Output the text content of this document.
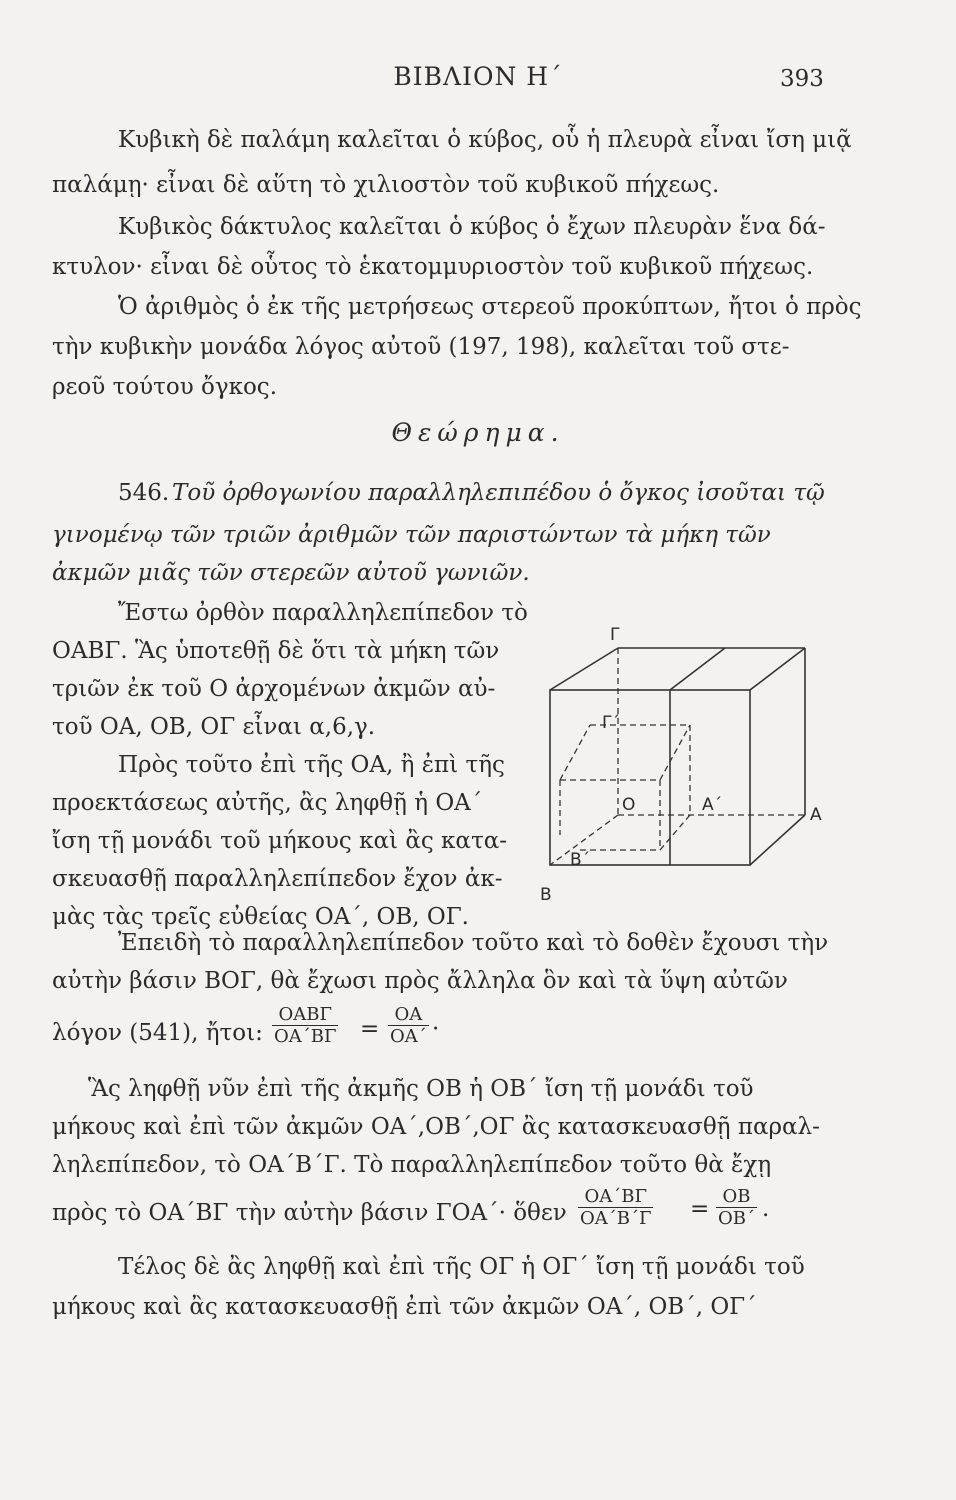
ΒΙΒΛΙΟΝ Η΄	393
Κυβικὴ δὲ παλάμη καλεῖται ὁ κύβος, οὗ ἡ πλευρὰ εἶναι ἴση μιᾷ
παλάμῃ· εἶναι δὲ αὕτη τὸ χιλιοστὸν τοῦ κυβικοῦ πήχεως.
Κυβικὸς δάκτυλος καλεῖται ὁ κύβος ὁ ἔχων πλευρὰν ἕνα δά-
κτυλον· εἶναι δὲ οὗτος τὸ ἑκατομμυριοστὸν τοῦ κυβικοῦ πήχεως.
Ὁ ἀριθμὸς ὁ ἐκ τῆς μετρήσεως στερεοῦ προκύπτων, ἤτοι ὁ πρὸς
τὴν κυβικὴν μονάδα λόγος αὐτοῦ (197, 198), καλεῖται τοῦ στε-
ρεοῦ τούτου ὄγκος.
Θεώρημα.
546. Τοῦ ὀρθογωνίου παραλληλεπιπέδου ὁ ὄγκος ἰσοῦται τῷ
γινομένῳ τῶν τριῶν ἀριθμῶν τῶν παριστώντων τὰ μήκη τῶν
ἀκμῶν μιᾶς τῶν στερεῶν αὐτοῦ γωνιῶν.
Ἔστω ὀρθὸν παραλληλεπίπεδον τὸ
ΟΑΒΓ. Ἃς ὑποτεθῇ δὲ ὅτι τὰ μήκη τῶν
τριῶν ἐκ τοῦ Ο ἀρχομένων ἀκμῶν αὐ-
τοῦ ΟΑ, ΟΒ, ΟΓ εἶναι α,6,γ.
Πρὸς τοῦτο ἐπὶ τῆς ΟΑ, ἢ ἐπὶ τῆς
προεκτάσεως αὐτῆς, ἂς ληφθῇ ἡ ΟΑ΄
ἴση τῇ μονάδι τοῦ μήκους καὶ ἂς κατα-
σκευασθῇ παραλληλεπίπεδον ἔχον ἀκ-
μὰς τὰς τρεῖς εὐθείας ΟΑ΄, ΟΒ, ΟΓ.
Γ
Γ΄
Ο	Α΄	Α
Β΄
Β
Ἐπειδὴ τὸ παραλληλεπίπεδον τοῦτο καὶ τὸ δοθὲν ἔχουσι τὴν
αὐτὴν βάσιν ΒΟΓ, θὰ ἔχωσι πρὸς ἄλληλα ὃν καὶ τὰ ὕψη αὐτῶν
λόγον (541), ἤτοι:
ΟΑΒΓ
$OA΄B\Gamma = \frac{OA}{OA΄}$ ·
Ἃς ληφθῇ νῦν ἐπὶ τῆς ἀκμῆς ΟΒ ἡ ΟΒ΄ ἴση τῇ μονάδι τοῦ
μήκους καὶ ἐπὶ τῶν ἀκμῶν ΟΑ΄,ΟΒ΄,ΟΓ ἂς κατασκευασθῇ παραλ-
ληλεπίπεδον, τὸ ΟΑ΄Β΄Γ. Τὸ παραλληλεπίπεδον τοῦτο θὰ ἔχῃ
πρὸς τὸ ΟΑ΄ΒΓ τὴν αὐτὴν βάσιν ΓΟΑ΄· ὅθεν $\frac{OA΄B\Gamma}{OA΄B΄\Gamma} = \frac{OB}{OB΄}$ .
Τέλος δὲ ἂς ληφθῇ καὶ ἐπὶ τῆς ΟΓ ἡ ΟΓ΄ ἴση τῇ μονάδι τοῦ
μήκους καὶ ἂς κατασκευασθῇ ἐπὶ τῶν ἀκμῶν ΟΑ΄, ΟΒ΄, ΟΓ΄
